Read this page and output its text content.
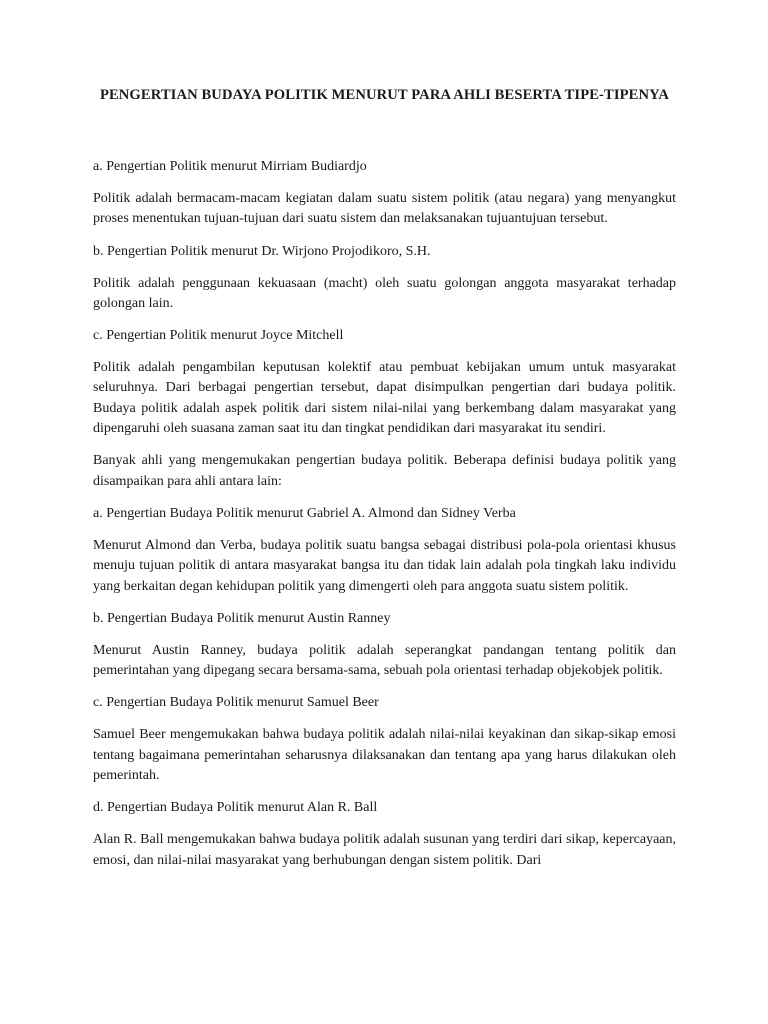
PENGERTIAN BUDAYA POLITIK MENURUT PARA AHLI BESERTA TIPE-TIPENYA
a. Pengertian Politik menurut Mirriam Budiardjo
Politik adalah bermacam-macam kegiatan dalam suatu sistem politik (atau negara) yang menyangkut proses menentukan tujuan-tujuan dari suatu sistem dan melaksanakan tujuantujuan tersebut.
b. Pengertian Politik menurut Dr. Wirjono Projodikoro, S.H.
Politik adalah penggunaan kekuasaan (macht) oleh suatu golongan anggota masyarakat terhadap golongan lain.
c. Pengertian Politik menurut Joyce Mitchell
Politik adalah pengambilan keputusan kolektif atau pembuat kebijakan umum untuk masyarakat seluruhnya. Dari berbagai pengertian tersebut, dapat disimpulkan pengertian dari budaya politik. Budaya politik adalah aspek politik dari sistem nilai-nilai yang berkembang dalam masyarakat yang dipengaruhi oleh suasana zaman saat itu dan tingkat pendidikan dari masyarakat itu sendiri.
Banyak ahli yang mengemukakan pengertian budaya politik. Beberapa definisi budaya politik yang disampaikan para ahli antara lain:
a. Pengertian Budaya Politik menurut Gabriel A. Almond dan Sidney Verba
Menurut Almond dan Verba, budaya politik suatu bangsa sebagai distribusi pola-pola orientasi khusus menuju tujuan politik di antara masyarakat bangsa itu dan tidak lain adalah pola tingkah laku individu yang berkaitan degan kehidupan politik yang dimengerti oleh para anggota suatu sistem politik.
b. Pengertian Budaya Politik menurut Austin Ranney
Menurut Austin Ranney, budaya politik adalah seperangkat pandangan tentang politik dan pemerintahan yang dipegang secara bersama-sama, sebuah pola orientasi terhadap objekobjek politik.
c. Pengertian Budaya Politik menurut Samuel Beer
Samuel Beer mengemukakan bahwa budaya politik adalah nilai-nilai keyakinan dan sikap-sikap emosi tentang bagaimana pemerintahan seharusnya dilaksanakan dan tentang apa yang harus dilakukan oleh pemerintah.
d. Pengertian Budaya Politik menurut Alan R. Ball
Alan R. Ball mengemukakan bahwa budaya politik adalah susunan yang terdiri dari sikap, kepercayaan, emosi, dan nilai-nilai masyarakat yang berhubungan dengan sistem politik. Dari
